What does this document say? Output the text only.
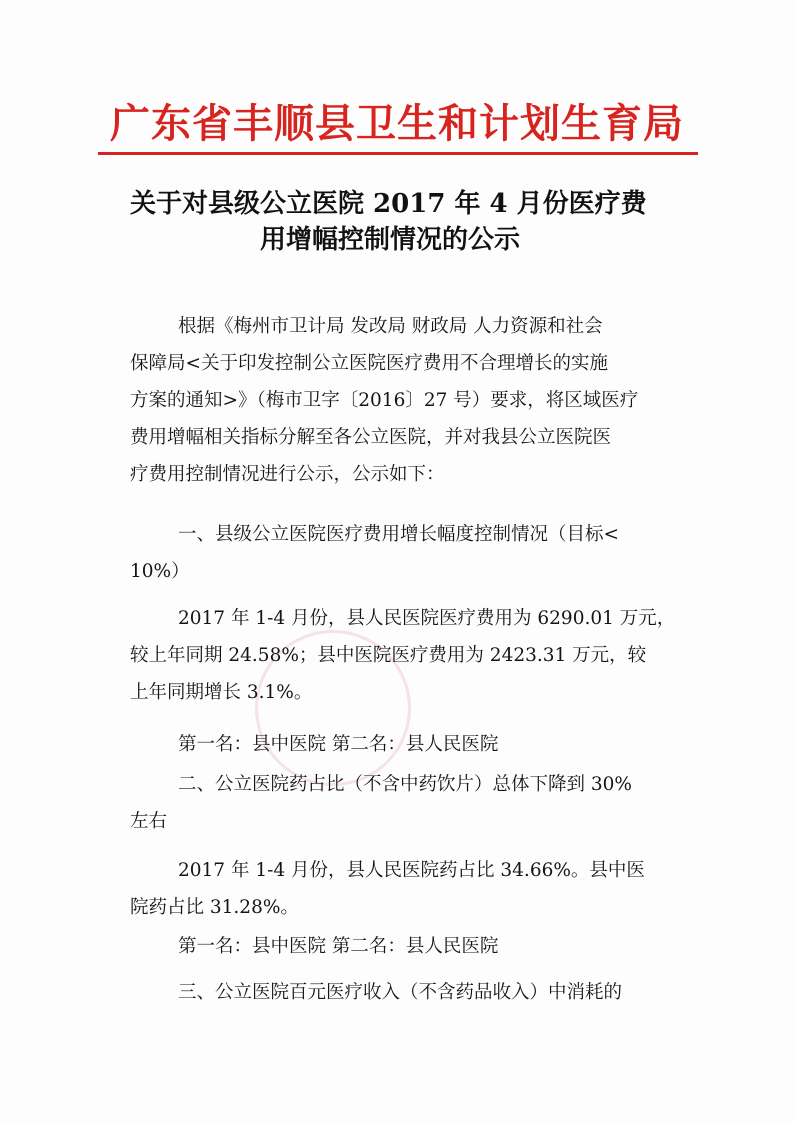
广东省丰顺县卫生和计划生育局
关于对县级公立医院 2017 年 4 月份医疗费
用增幅控制情况的公示
根据《梅州市卫计局 发改局 财政局 人力资源和社会
保障局<关于印发控制公立医院医疗费用不合理增长的实施
方案的通知>》（梅市卫字〔2016〕27 号）要求，将区域医疗
费用增幅相关指标分解至各公立医院，并对我县公立医院医
疗费用控制情况进行公示，公示如下：
一、县级公立医院医疗费用增长幅度控制情况（目标<
10%）
2017 年 1-4 月份，县人民医院医疗费用为 6290.01 万元，
较上年同期 24.58%；县中医院医疗费用为 2423.31 万元，较
上年同期增长 3.1%。
第一名：县中医院 第二名：县人民医院
二、公立医院药占比（不含中药饮片）总体下降到 30%
左右
2017 年 1-4 月份，县人民医院药占比 34.66%。县中医
院药占比 31.28%。
第一名：县中医院 第二名：县人民医院
三、公立医院百元医疗收入（不含药品收入）中消耗的
